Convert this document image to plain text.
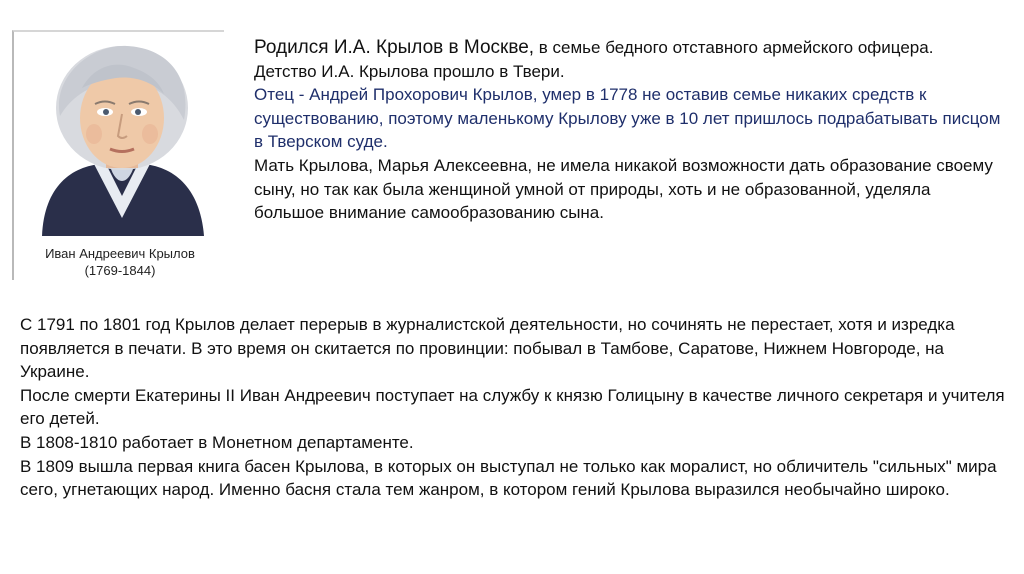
Иван Андреевич Крылов
(1769-1844)

Родился И.А. Крылов в Москве, в семье бедного отставного армейского офицера.

Детство И.А. Крылова прошло в Твери.

Отец - Андрей Прохорович Крылов, умер в 1778 не оставив семье никаких средств к существованию, поэтому маленькому Крылову уже в 10 лет пришлось подрабатывать писцом в Тверском суде.

Мать Крылова, Марья Алексеевна, не имела никакой возможности дать образование своему сыну, но так как была женщиной умной от природы, хоть и не образованной, уделяла большое внимание самообразованию сына.

С 1791 по 1801 год Крылов делает перерыв в журналистской деятельности, но сочинять не перестает, хотя и изредка появляется в печати. В это время он скитается по провинции: побывал в Тамбове, Саратове, Нижнем Новгороде, на Украине.

После смерти Екатерины II Иван Андреевич поступает на службу к князю Голицыну в качестве личного секретаря и учителя его детей.

В 1808-1810 работает в Монетном департаменте.

В 1809 вышла первая книга басен Крылова, в которых он выступал не только как моралист, но обличитель "сильных" мира сего, угнетающих народ. Именно басня стала тем жанром, в котором гений Крылова выразился необычайно широко.
